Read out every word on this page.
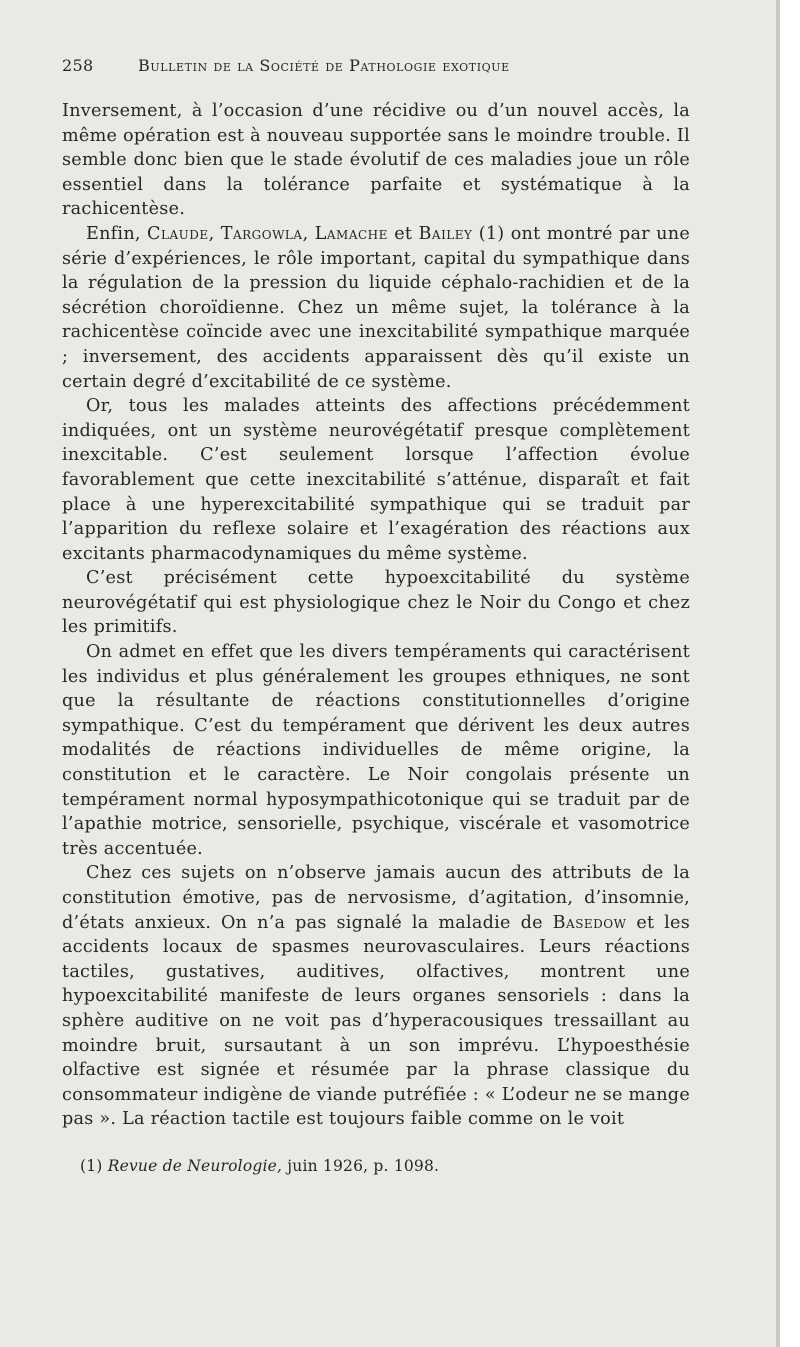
258	Bulletin de la Société de Pathologie exotique

Inversement, à l’occasion d’une récidive ou d’un nouvel accès, la même opération est à nouveau supportée sans le moindre trouble. Il semble donc bien que le stade évolutif de ces maladies joue un rôle essentiel dans la tolérance parfaite et systématique à la rachicentèse.

Enfin, Claude, Targowla, Lamache et Bailey (1) ont montré par une série d’expériences, le rôle important, capital du sympathique dans la régulation de la pression du liquide céphalo-rachidien et de la sécrétion choroïdienne. Chez un même sujet, la tolérance à la rachicentèse coïncide avec une inexcitabilité sympathique marquée ; inversement, des accidents apparaissent dès qu’il existe un certain degré d’excitabilité de ce système.

Or, tous les malades atteints des affections précédemment indiquées, ont un système neurovégétatif presque complètement inexcitable. C’est seulement lorsque l’affection évolue favorablement que cette inexcitabilité s’atténue, disparaît et fait place à une hyperexcitabilité sympathique qui se traduit par l’apparition du reflexe solaire et l’exagération des réactions aux excitants pharmacodynamiques du même système.

C’est précisément cette hypoexcitabilité du système neurovégétatif qui est physiologique chez le Noir du Congo et chez les primitifs.

On admet en effet que les divers tempéraments qui caractérisent les individus et plus généralement les groupes ethniques, ne sont que la résultante de réactions constitutionnelles d’origine sympathique. C’est du tempérament que dérivent les deux autres modalités de réactions individuelles de même origine, la constitution et le caractère. Le Noir congolais présente un tempérament normal hyposympathicotonique qui se traduit par de l’apathie motrice, sensorielle, psychique, viscérale et vasomotrice très accentuée.

Chez ces sujets on n’observe jamais aucun des attributs de la constitution émotive, pas de nervosisme, d’agitation, d’insomnie, d’états anxieux. On n’a pas signalé la maladie de Basedow et les accidents locaux de spasmes neurovasculaires. Leurs réactions tactiles, gustatives, auditives, olfactives, montrent une hypoexcitabilité manifeste de leurs organes sensoriels : dans la sphère auditive on ne voit pas d’hyperacousiques tressaillant au moindre bruit, sursautant à un son imprévu. L’hypoesthésie olfactive est signée et résumée par la phrase classique du consommateur indigène de viande putréfiée : « L’odeur ne se mange pas ». La réaction tactile est toujours faible comme on le voit

(1) Revue de Neurologie, juin 1926, p. 1098.
